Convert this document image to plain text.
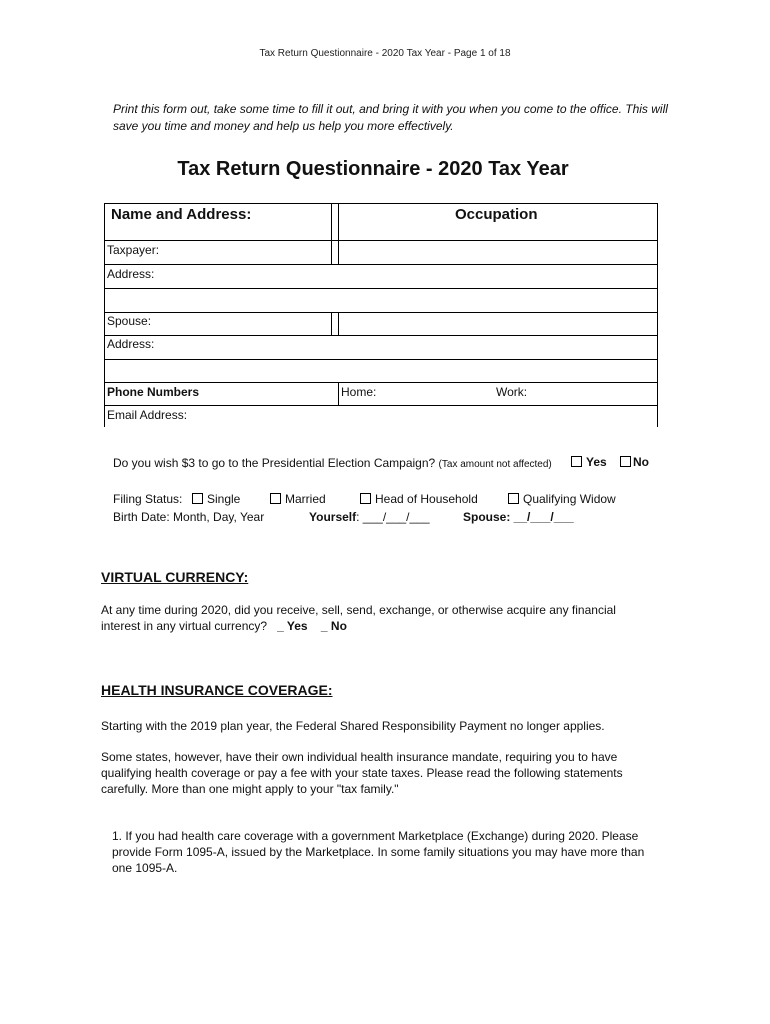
Tax Return Questionnaire - 2020 Tax Year - Page 1 of 18
Print this form out, take some time to fill it out, and bring it with you when you come to the office. This will save you time and money and help us help you more effectively.
Tax Return Questionnaire - 2020 Tax Year
Name and Address:	Occupation
Taxpayer:
Address:
Spouse:
Address:
Phone Numbers	Home:	Work:
Email Address:
Do you wish $3 to go to the Presidential Election Campaign? (Tax amount not affected)	Yes	No
Filing Status:	Single	Married	Head of Household	Qualifying Widow
Birth Date: Month, Day, Year	Yourself: ___/___/___	Spouse: __/___/___
VIRTUAL CURRENCY:
At any time during 2020, did you receive, sell, send, exchange, or otherwise acquire any financial
interest in any virtual currency? _ Yes _ No
HEALTH INSURANCE COVERAGE:
Starting with the 2019 plan year, the Federal Shared Responsibility Payment no longer applies.
Some states, however, have their own individual health insurance mandate, requiring you to have qualifying health coverage or pay a fee with your state taxes. Please read the following statements carefully. More than one might apply to your "tax family."
1. If you had health care coverage with a government Marketplace (Exchange) during 2020. Please provide Form 1095-A, issued by the Marketplace. In some family situations you may have more than one 1095-A.
